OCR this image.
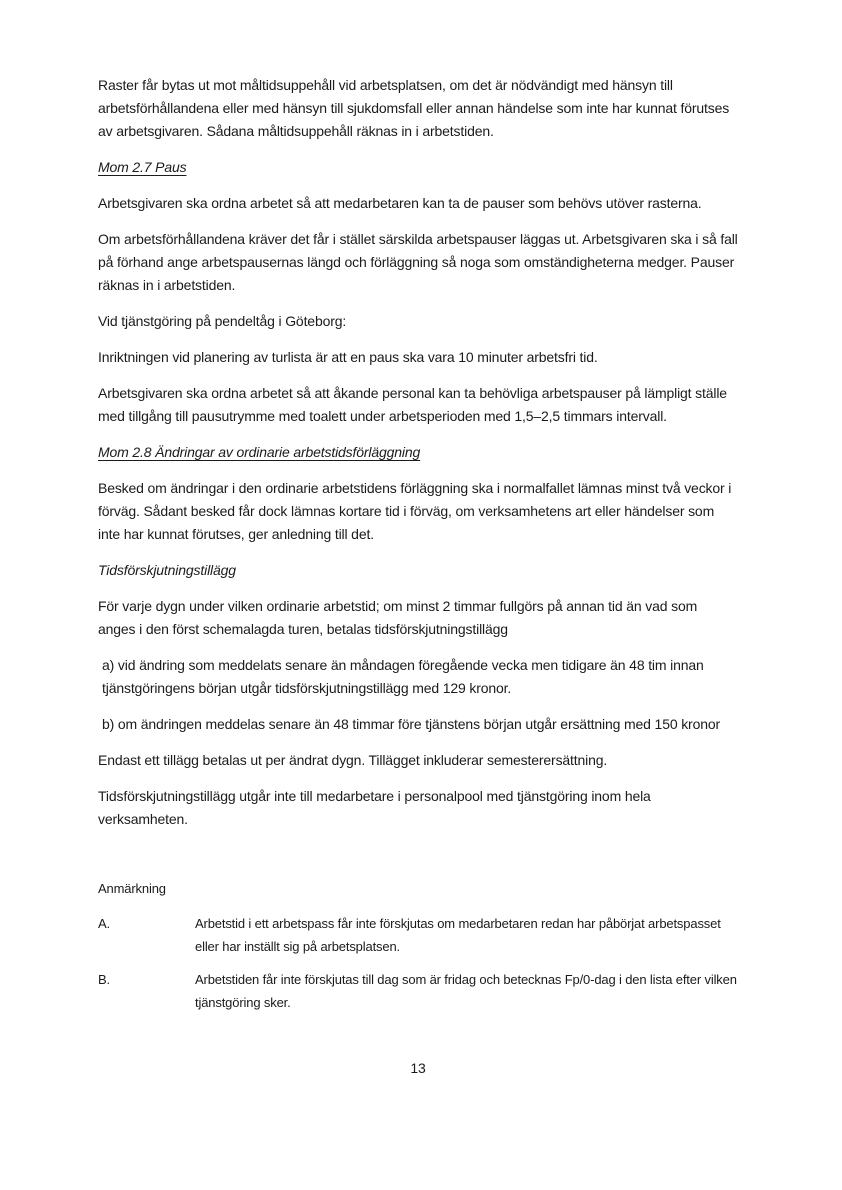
Raster får bytas ut mot måltidsuppehåll vid arbetsplatsen, om det är nödvändigt med hänsyn till arbetsförhållandena eller med hänsyn till sjukdomsfall eller annan händelse som inte har kunnat förutses av arbetsgivaren. Sådana måltidsuppehåll räknas in i arbetstiden.

Mom 2.7 Paus

Arbetsgivaren ska ordna arbetet så att medarbetaren kan ta de pauser som behövs utöver rasterna.

Om arbetsförhållandena kräver det får i stället särskilda arbetspauser läggas ut. Arbetsgivaren ska i så fall på förhand ange arbetspausernas längd och förläggning så noga som omständigheterna medger. Pauser räknas in i arbetstiden.

Vid tjänstgöring på pendeltåg i Göteborg:

Inriktningen vid planering av turlista är att en paus ska vara 10 minuter arbetsfri tid.

Arbetsgivaren ska ordna arbetet så att åkande personal kan ta behövliga arbetspauser på lämpligt ställe med tillgång till pausutrymme med toalett under arbetsperioden med 1,5–2,5 timmars intervall.

Mom 2.8 Ändringar av ordinarie arbetstidsförläggning

Besked om ändringar i den ordinarie arbetstidens förläggning ska i normalfallet lämnas minst två veckor i förväg. Sådant besked får dock lämnas kortare tid i förväg, om verksamhetens art eller händelser som inte har kunnat förutses, ger anledning till det.

Tidsförskjutningstillägg

För varje dygn under vilken ordinarie arbetstid; om minst 2 timmar fullgörs på annan tid än vad som anges i den först schemalagda turen, betalas tidsförskjutningstillägg

a) vid ändring som meddelats senare än måndagen föregående vecka men tidigare än 48 tim innan tjänstgöringens början utgår tidsförskjutningstillägg med 129 kronor.

b) om ändringen meddelas senare än 48 timmar före tjänstens början utgår ersättning med 150 kronor

Endast ett tillägg betalas ut per ändrat dygn. Tillägget inkluderar semesterersättning.

Tidsförskjutningstillägg utgår inte till medarbetare i personalpool med tjänstgöring inom hela verksamheten.

Anmärkning

A.	Arbetstid i ett arbetspass får inte förskjutas om medarbetaren redan har påbörjat arbetspasset eller har inställt sig på arbetsplatsen.
B.	Arbetstiden får inte förskjutas till dag som är fridag och betecknas Fp/0-dag i den lista efter vilken tjänstgöring sker.
13
